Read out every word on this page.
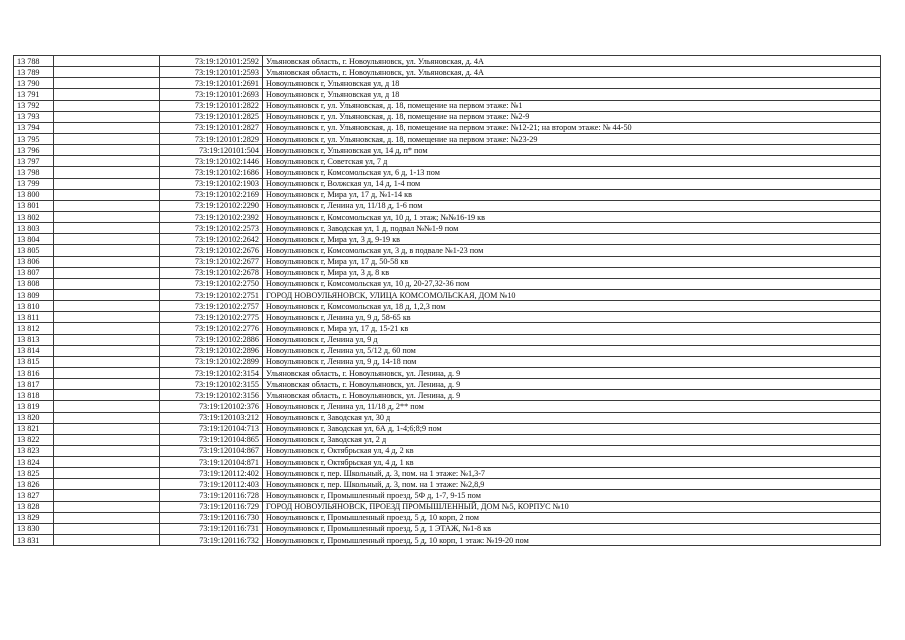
13 788		73:19:120101:2592	Ульяновская область, г. Новоульяновск, ул. Ульяновская, д. 4А
13 789		73:19:120101:2593	Ульяновская область, г. Новоульяновск, ул. Ульяновская, д. 4А
13 790		73:19:120101:2691	Новоульяновск г, Ульяновская ул, д 18
13 791		73:19:120101:2693	Новоульяновск г, Ульяновская ул, д 18
13 792		73:19:120101:2822	Новоульяновск г, ул. Ульяновская, д. 18, помещение на первом этаже: №1
13 793		73:19:120101:2825	Новоульяновск г, ул. Ульяновская, д. 18, помещение на первом этаже: №2-9
13 794		73:19:120101:2827	Новоульяновск г, ул. Ульяновская, д. 18, помещение на первом этаже: №12-21; на втором этаже: № 44-50
13 795		73:19:120101:2829	Новоульяновск г, ул. Ульяновская, д. 18, помещение на первом этаже: №23-29
13 796		73:19:120101:504	Новоульяновск г, Ульяновская ул, 14 д, п* пом
13 797		73:19:120102:1446	Новоульяновск г, Советская ул, 7 д
13 798		73:19:120102:1686	Новоульяновск г, Комсомольская ул, 6 д, 1-13 пом
13 799		73:19:120102:1903	Новоульяновск г, Волжская ул, 14 д, 1-4 пом
13 800		73:19:120102:2169	Новоульяновск г, Мира ул, 17 д, №1-14 кв
13 801		73:19:120102:2290	Новоульяновск г, Ленина ул, 11/18 д, 1-6 пом
13 802		73:19:120102:2392	Новоульяновск г, Комсомольская ул, 10 д, 1 этаж; №№16-19 кв
13 803		73:19:120102:2573	Новоульяновск г, Заводская ул, 1 д, подвал №№1-9 пом
13 804		73:19:120102:2642	Новоульяновск г, Мира ул, 3 д, 9-19 кв
13 805		73:19:120102:2676	Новоульяновск г, Комсомольская ул, 3 д, в подвале №1-23 пом
13 806		73:19:120102:2677	Новоульяновск г, Мира ул, 17 д, 50-58 кв
13 807		73:19:120102:2678	Новоульяновск г, Мира ул, 3 д, 8 кв
13 808		73:19:120102:2750	Новоульяновск г, Комсомольская ул, 10 д, 20-27,32-36 пом
13 809		73:19:120102:2751	ГОРОД НОВОУЛЬЯНОВСК, УЛИЦА КОМСОМОЛЬСКАЯ, ДОМ №10
13 810		73:19:120102:2757	Новоульяновск г, Комсомольская ул, 18 д, 1,2,3 пом
13 811		73:19:120102:2775	Новоульяновск г, Ленина ул, 9 д, 58-65 кв
13 812		73:19:120102:2776	Новоульяновск г, Мира ул, 17 д, 15-21 кв
13 813		73:19:120102:2886	Новоульяновск г, Ленина ул, 9 д
13 814		73:19:120102:2896	Новоульяновск г, Ленина ул, 5/12 д, 60 пом
13 815		73:19:120102:2899	Новоульяновск г, Ленина ул, 9 д, 14-18 пом
13 816		73:19:120102:3154	Ульяновская область, г. Новоульяновск, ул. Ленина, д. 9
13 817		73:19:120102:3155	Ульяновская область, г. Новоульяновск, ул. Ленина, д. 9
13 818		73:19:120102:3156	Ульяновская область, г. Новоульяновск, ул. Ленина, д. 9
13 819		73:19:120102:376	Новоульяновск г, Ленина ул, 11/18 д, 2** пом
13 820		73:19:120103:212	Новоульяновск г, Заводская ул, 30 д
13 821		73:19:120104:713	Новоульяновск г, Заводская ул, 6А д, 1-4;6;8;9 пом
13 822		73:19:120104:865	Новоульяновск г, Заводская ул, 2 д
13 823		73:19:120104:867	Новоульяновск г, Октябрьская ул, 4 д, 2 кв
13 824		73:19:120104:871	Новоульяновск г, Октябрьская ул, 4 д, 1 кв
13 825		73:19:120112:402	Новоульяновск г, пер. Школьный, д. 3, пом. на 1 этаже: №1,3-7
13 826		73:19:120112:403	Новоульяновск г, пер. Школьный, д. 3, пом. на 1 этаже: №2,8,9
13 827		73:19:120116:728	Новоульяновск г, Промышленный проезд, 5Ф д, 1-7, 9-15 пом
13 828		73:19:120116:729	ГОРОД НОВОУЛЬЯНОВСК, ПРОЕЗД ПРОМЫШЛЕННЫЙ, ДОМ №5, КОРПУС №10
13 829		73:19:120116:730	Новоульяновск г, Промышленный проезд, 5 д, 10 корп, 2 пом
13 830		73:19:120116:731	Новоульяновск г, Промышленный проезд, 5 д, 1 ЭТАЖ, №1-8 кв
13 831		73:19:120116:732	Новоульяновск г, Промышленный проезд, 5 д, 10 корп, 1 этаж: №19-20 пом
